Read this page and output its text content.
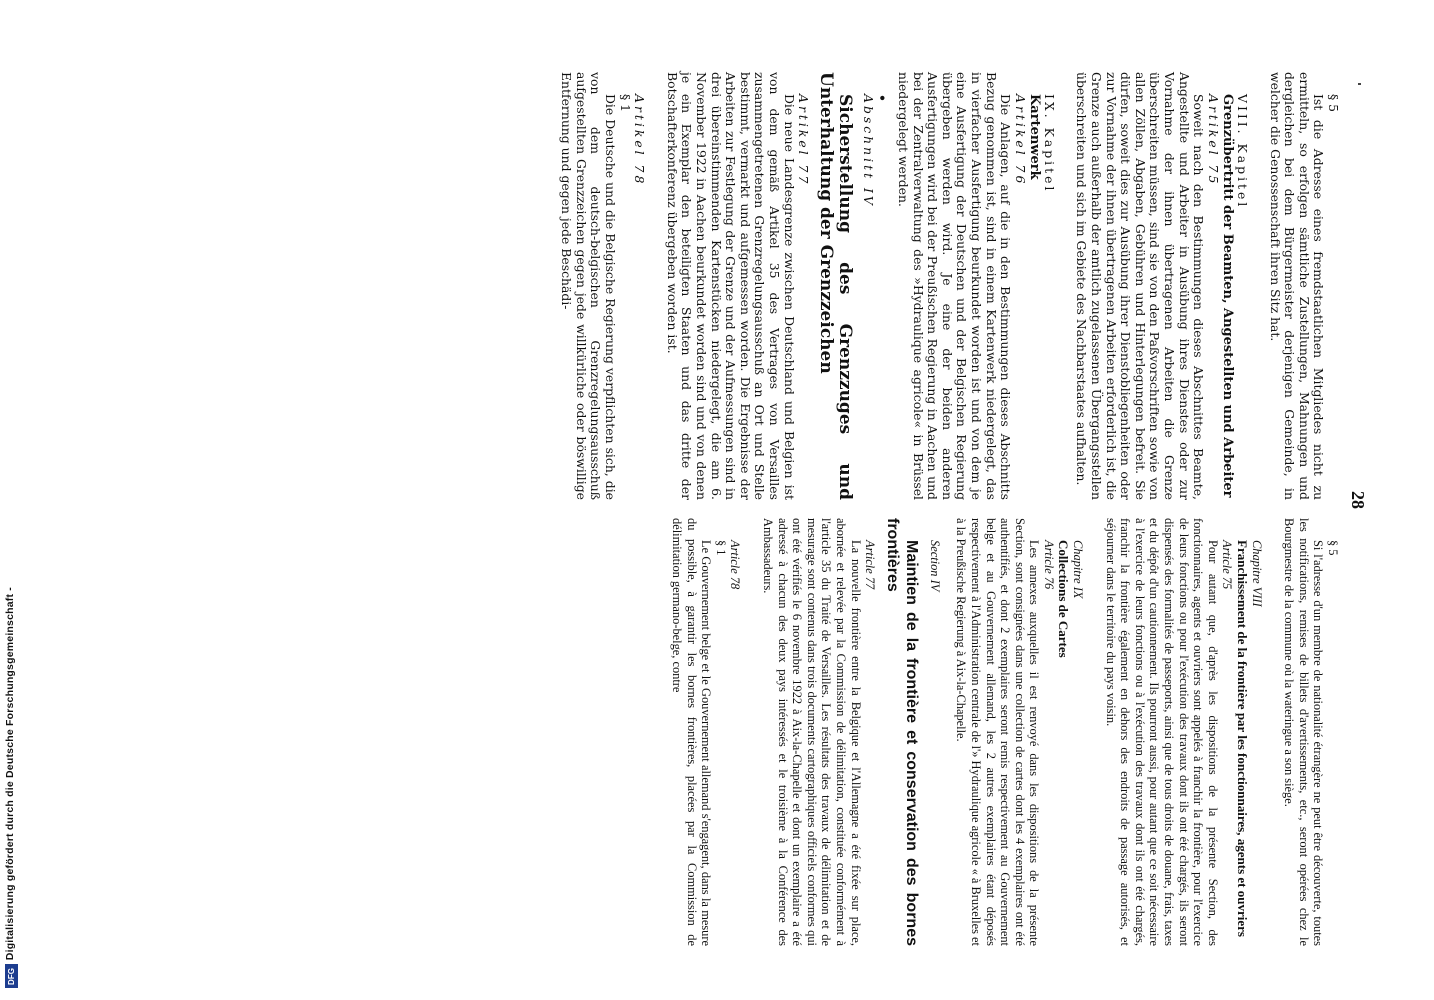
28

§ 5

Ist die Adresse eines fremdstaatlichen Mitgliedes nicht zu ermitteln, so erfolgen sämtliche Zustellungen, Mahnungen und dergleichen bei dem Bürgermeister derjenigen Gemeinde, in welcher die Genossenschaft ihren Sitz hat.

VIII. Kapitel

Grenzübertritt der Beamten, Angestellten und Arbeiter

Artikel 75

Soweit nach den Bestimmungen dieses Abschnittes Beamte, Angestellte und Arbeiter in Ausübung ihres Dienstes oder zur Vornahme der ihnen übertragenen Arbeiten die Grenze überschreiten müssen, sind sie von den Paßvorschriften sowie von allen Zöllen, Abgaben, Gebühren und Hinterlegungen befreit. Sie dürfen, soweit dies zur Ausübung ihrer Dienstobliegenheiten oder zur Vornahme der ihnen übertragenen Arbeiten erforderlich ist, die Grenze auch außerhalb der amtlich zugelassenen Übergangsstellen überschreiten und sich im Gebiete des Nachbarstaates aufhalten.

IX. Kapitel

Kartenwerk

Artikel 76

Die Anlagen, auf die in den Bestimmungen dieses Abschnitts Bezug genommen ist, sind in einem Kartenwerk niedergelegt, das in vierfacher Ausfertigung beurkundet worden ist und von dem je eine Ausfertigung der Deutschen und der Belgischen Regierung übergeben werden wird. Je eine der beiden anderen Ausfertigungen wird bei der Preußischen Regierung in Aachen und bei der Zentralverwaltung des »Hydraulique agricole« in Brüssel niedergelegt werden.

•

Abschnitt IV

Sicherstellung des Grenzzuges und Unterhaltung der Grenzzeichen

Artikel 77

Die neue Landesgrenze zwischen Deutschland und Belgien ist von dem gemäß Artikel 35 des Vertrages von Versailles zusammengetretenen Grenzregelungsausschuß an Ort und Stelle bestimmt, vermarkt und aufgemessen worden. Die Ergebnisse der Arbeiten zur Festlegung der Grenze und der Aufmessungen sind in drei übereinstimmenden Kartenstücken niedergelegt, die am 6. November 1922 in Aachen beurkundet worden sind und von denen je ein Exemplar den beteiligten Staaten und das dritte der Botschafterkonferenz übergeben worden ist.

Artikel 78

§ 1

Die Deutsche und die Belgische Regierung verpflichten sich, die von dem deutsch-belgischen Grenzregelungsausschuß aufgestellten Grenzzeichen gegen jede willkürliche oder böswillige Entfernung und gegen jede Beschädi-

§ 5

Si l'adresse d'un membre de nationalité étrangère ne peut être découverte, toutes les notifications, remises de billets d'avertissements, etc., seront opérées chez le Bourgmestre de la commune où la wateringue a son siège.

Chapitre VIII

Franchissement de la frontière par les fonctionnaires, agents et ouvriers

Article 75

Pour autant que, d'après les dispositions de la présente Section, des fonctionnaires, agents et ouvriers sont appelés à franchir la frontière, pour l'exercice de leurs fonctions ou pour l'exécution des travaux dont ils ont été chargés, ils seront dispensés des formalités de passeports, ainsi que de tous droits de douane, frais, taxes et du dépôt d'un cautionnement. Ils pourront aussi, pour autant que ce soit nécessaire à l'exercice de leurs fonctions ou à l'exécution des travaux dont ils ont été chargés, franchir la frontière également en dehors des endroits de passage autorisés, et séjourner dans le territoire du pays voisin.

Chapitre IX

Collections de Cartes

Article 76

Les annexes auxquelles il est renvoyé dans les dispositions de la présente Section, sont consignées dans une collection de cartes dont les 4 exemplaires ont été authentifiés, et dont 2 exemplaires seront remis respectivement au Gouvernement belge et au Gouvernement allemand, les 2 autres exemplaires étant déposés respectivement à l'Administration centrale de l'» Hydraulique agricole « à Bruxelles et à la Preußische Regierung à Aix-la-Chapelle.

Section IV

Maintien de la frontière et conservation des bornes frontières

Article 77

La nouvelle frontière entre la Belgique et l'Allemagne a été fixée sur place, abornée et relevée par la Commission de délimitation, constituée conformément à l'article 35 du Traité de Versailles. Les résultats des travaux de délimitation et de mesurage sont contenus dans trois documents cartographiques officiels conformes qui ont été vérifiés le 6 novembre 1922 à Aix-la-Chapelle et dont un exemplaire a été adressé à chacun des deux pays intéressés et le troisième à la Conférence des Ambassadeurs.

Article 78

§ 1

Le Gouvernement belge et le Gouvernement allemand s'engagent, dans la mesure du possible, à garantir les bornes frontières, placées par la Commission de délimitation germano-belge, contre

Digitalisierung gefördert durch die Deutsche Forschungsgemeinschaft -
DFG
